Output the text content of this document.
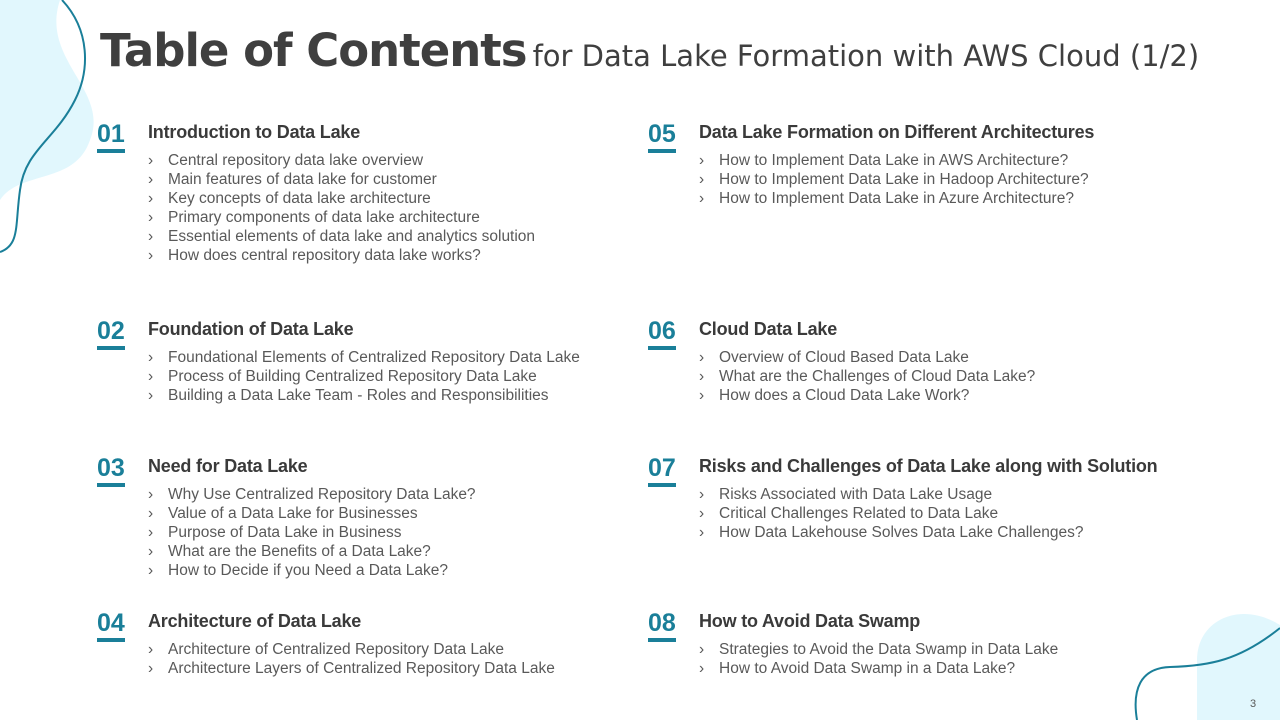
Table of Contents for Data Lake Formation with AWS Cloud (1/2)
01 Introduction to Data Lake
› Central repository data lake overview
› Main features of data lake for customer
› Key concepts of data lake architecture
› Primary components of data lake architecture
› Essential elements of data lake and analytics solution
› How does central repository data lake works?
02 Foundation of Data Lake
› Foundational Elements of Centralized Repository Data Lake
› Process of Building Centralized Repository Data Lake
› Building a Data Lake Team - Roles and Responsibilities
03 Need for Data Lake
› Why Use Centralized Repository Data Lake?
› Value of a Data Lake for Businesses
› Purpose of Data Lake in Business
› What are the Benefits of a Data Lake?
› How to Decide if you Need a Data Lake?
04 Architecture of Data Lake
› Architecture of Centralized Repository Data Lake
› Architecture Layers of Centralized Repository Data Lake
05 Data Lake Formation on Different Architectures
› How to Implement Data Lake in AWS Architecture?
› How to Implement Data Lake in Hadoop Architecture?
› How to Implement Data Lake in Azure Architecture?
06 Cloud Data Lake
› Overview of Cloud Based Data Lake
› What are the Challenges of Cloud Data Lake?
› How does a Cloud Data Lake Work?
07 Risks and Challenges of Data Lake along with Solution
› Risks Associated with Data Lake Usage
› Critical Challenges Related to Data Lake
› How Data Lakehouse Solves Data Lake Challenges?
08 How to Avoid Data Swamp
› Strategies to Avoid the Data Swamp in Data Lake
› How to Avoid Data Swamp in a Data Lake?
3
